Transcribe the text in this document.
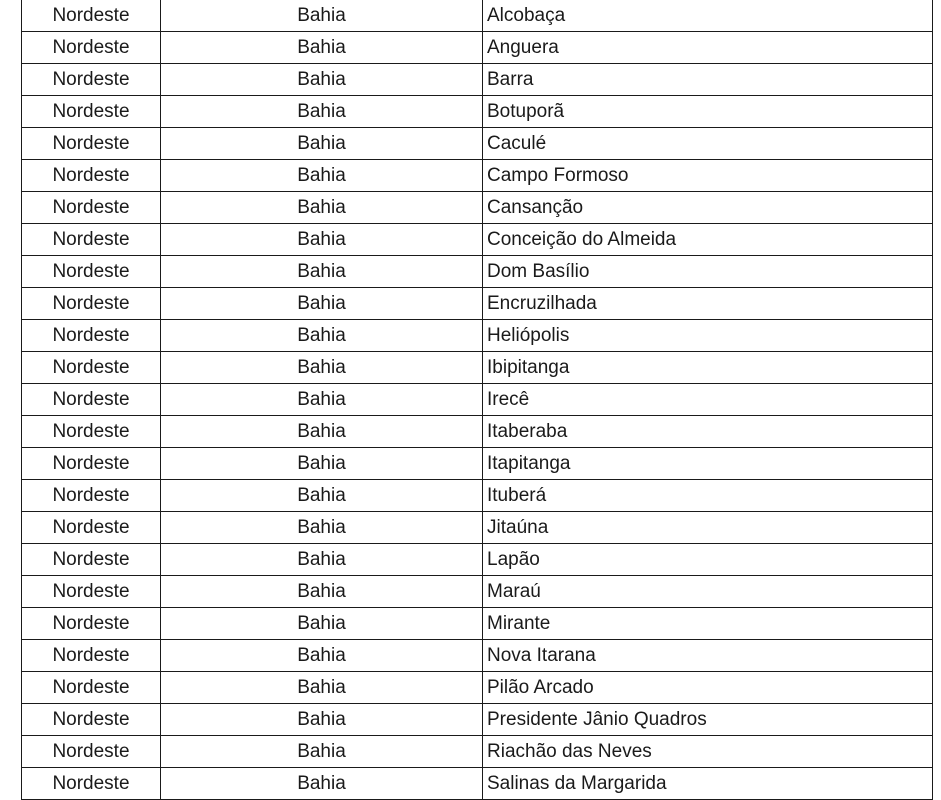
Nordeste	Bahia	Alcobaça
Nordeste	Bahia	Anguera
Nordeste	Bahia	Barra
Nordeste	Bahia	Botuporã
Nordeste	Bahia	Caculé
Nordeste	Bahia	Campo Formoso
Nordeste	Bahia	Cansanção
Nordeste	Bahia	Conceição do Almeida
Nordeste	Bahia	Dom Basílio
Nordeste	Bahia	Encruzilhada
Nordeste	Bahia	Heliópolis
Nordeste	Bahia	Ibipitanga
Nordeste	Bahia	Irecê
Nordeste	Bahia	Itaberaba
Nordeste	Bahia	Itapitanga
Nordeste	Bahia	Ituberá
Nordeste	Bahia	Jitaúna
Nordeste	Bahia	Lapão
Nordeste	Bahia	Maraú
Nordeste	Bahia	Mirante
Nordeste	Bahia	Nova Itarana
Nordeste	Bahia	Pilão Arcado
Nordeste	Bahia	Presidente Jânio Quadros
Nordeste	Bahia	Riachão das Neves
Nordeste	Bahia	Salinas da Margarida
